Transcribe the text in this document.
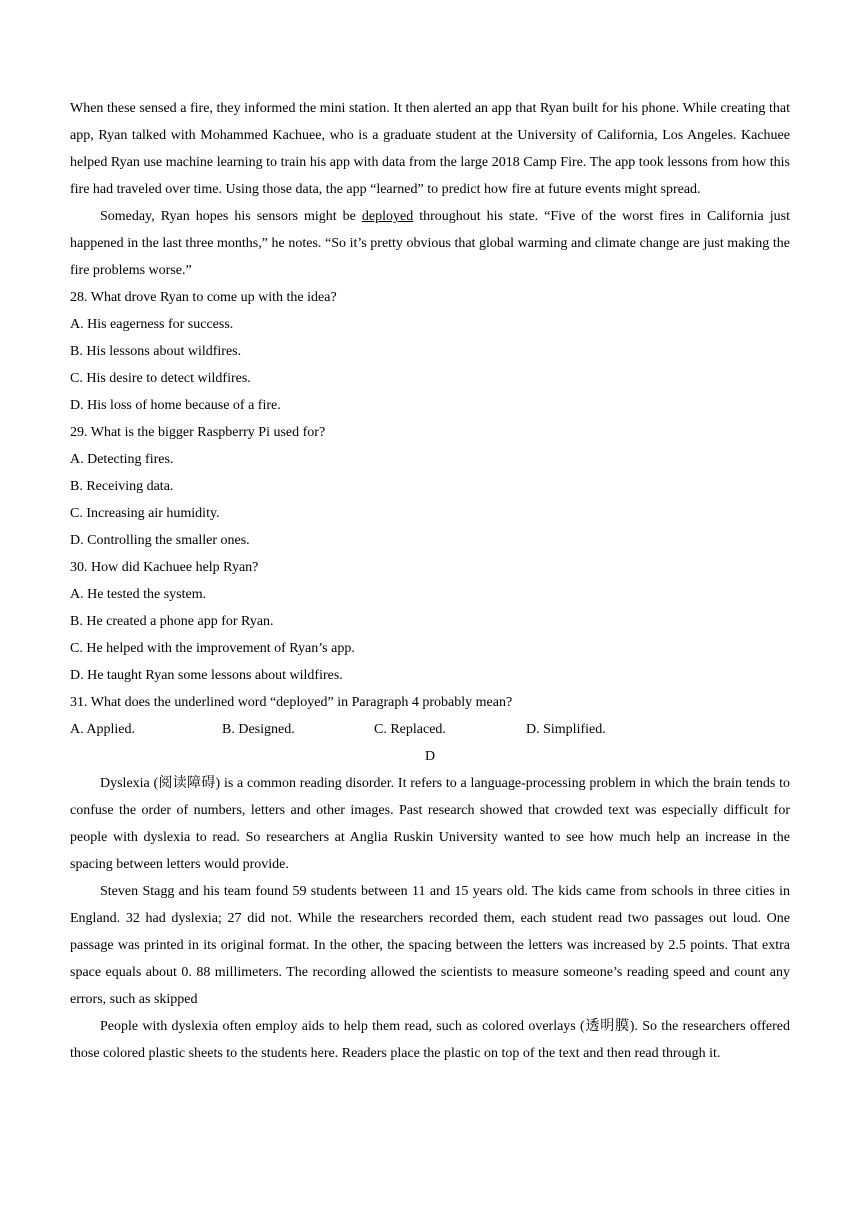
When these sensed a fire, they informed the mini station. It then alerted an app that Ryan built for his phone. While creating that app, Ryan talked with Mohammed Kachuee, who is a graduate student at the University of California, Los Angeles. Kachuee helped Ryan use machine learning to train his app with data from the large 2018 Camp Fire. The app took lessons from how this fire had traveled over time. Using those data, the app “learned” to predict how fire at future events might spread.

Someday, Ryan hopes his sensors might be deployed throughout his state. “Five of the worst fires in California just happened in the last three months,” he notes. “So it’s pretty obvious that global warming and climate change are just making the fire problems worse.”

28. What drove Ryan to come up with the idea?

A. His eagerness for success.

B. His lessons about wildfires.

C. His desire to detect wildfires.

D. His loss of home because of a fire.

29. What is the bigger Raspberry Pi used for?

A. Detecting fires.

B. Receiving data.

C. Increasing air humidity.

D. Controlling the smaller ones.

30. How did Kachuee help Ryan?

A. He tested the system.

B. He created a phone app for Ryan.

C. He helped with the improvement of Ryan’s app.

D. He taught Ryan some lessons about wildfires.

31. What does the underlined word “deployed” in Paragraph 4 probably mean?

A. Applied.	B. Designed.	C. Replaced.	D. Simplified.

D

Dyslexia (阅读障碍) is a common reading disorder. It refers to a language-processing problem in which the brain tends to confuse the order of numbers, letters and other images. Past research showed that crowded text was especially difficult for people with dyslexia to read. So researchers at Anglia Ruskin University wanted to see how much help an increase in the spacing between letters would provide.

Steven Stagg and his team found 59 students between 11 and 15 years old. The kids came from schools in three cities in England. 32 had dyslexia; 27 did not. While the researchers recorded them, each student read two passages out loud. One passage was printed in its original format. In the other, the spacing between the letters was increased by 2.5 points. That extra space equals about 0. 88 millimeters. The recording allowed the scientists to measure someone’s reading speed and count any errors, such as skipped

People with dyslexia often employ aids to help them read, such as colored overlays (透明膜). So the researchers offered those colored plastic sheets to the students here. Readers place the plastic on top of the text and then read through it.
